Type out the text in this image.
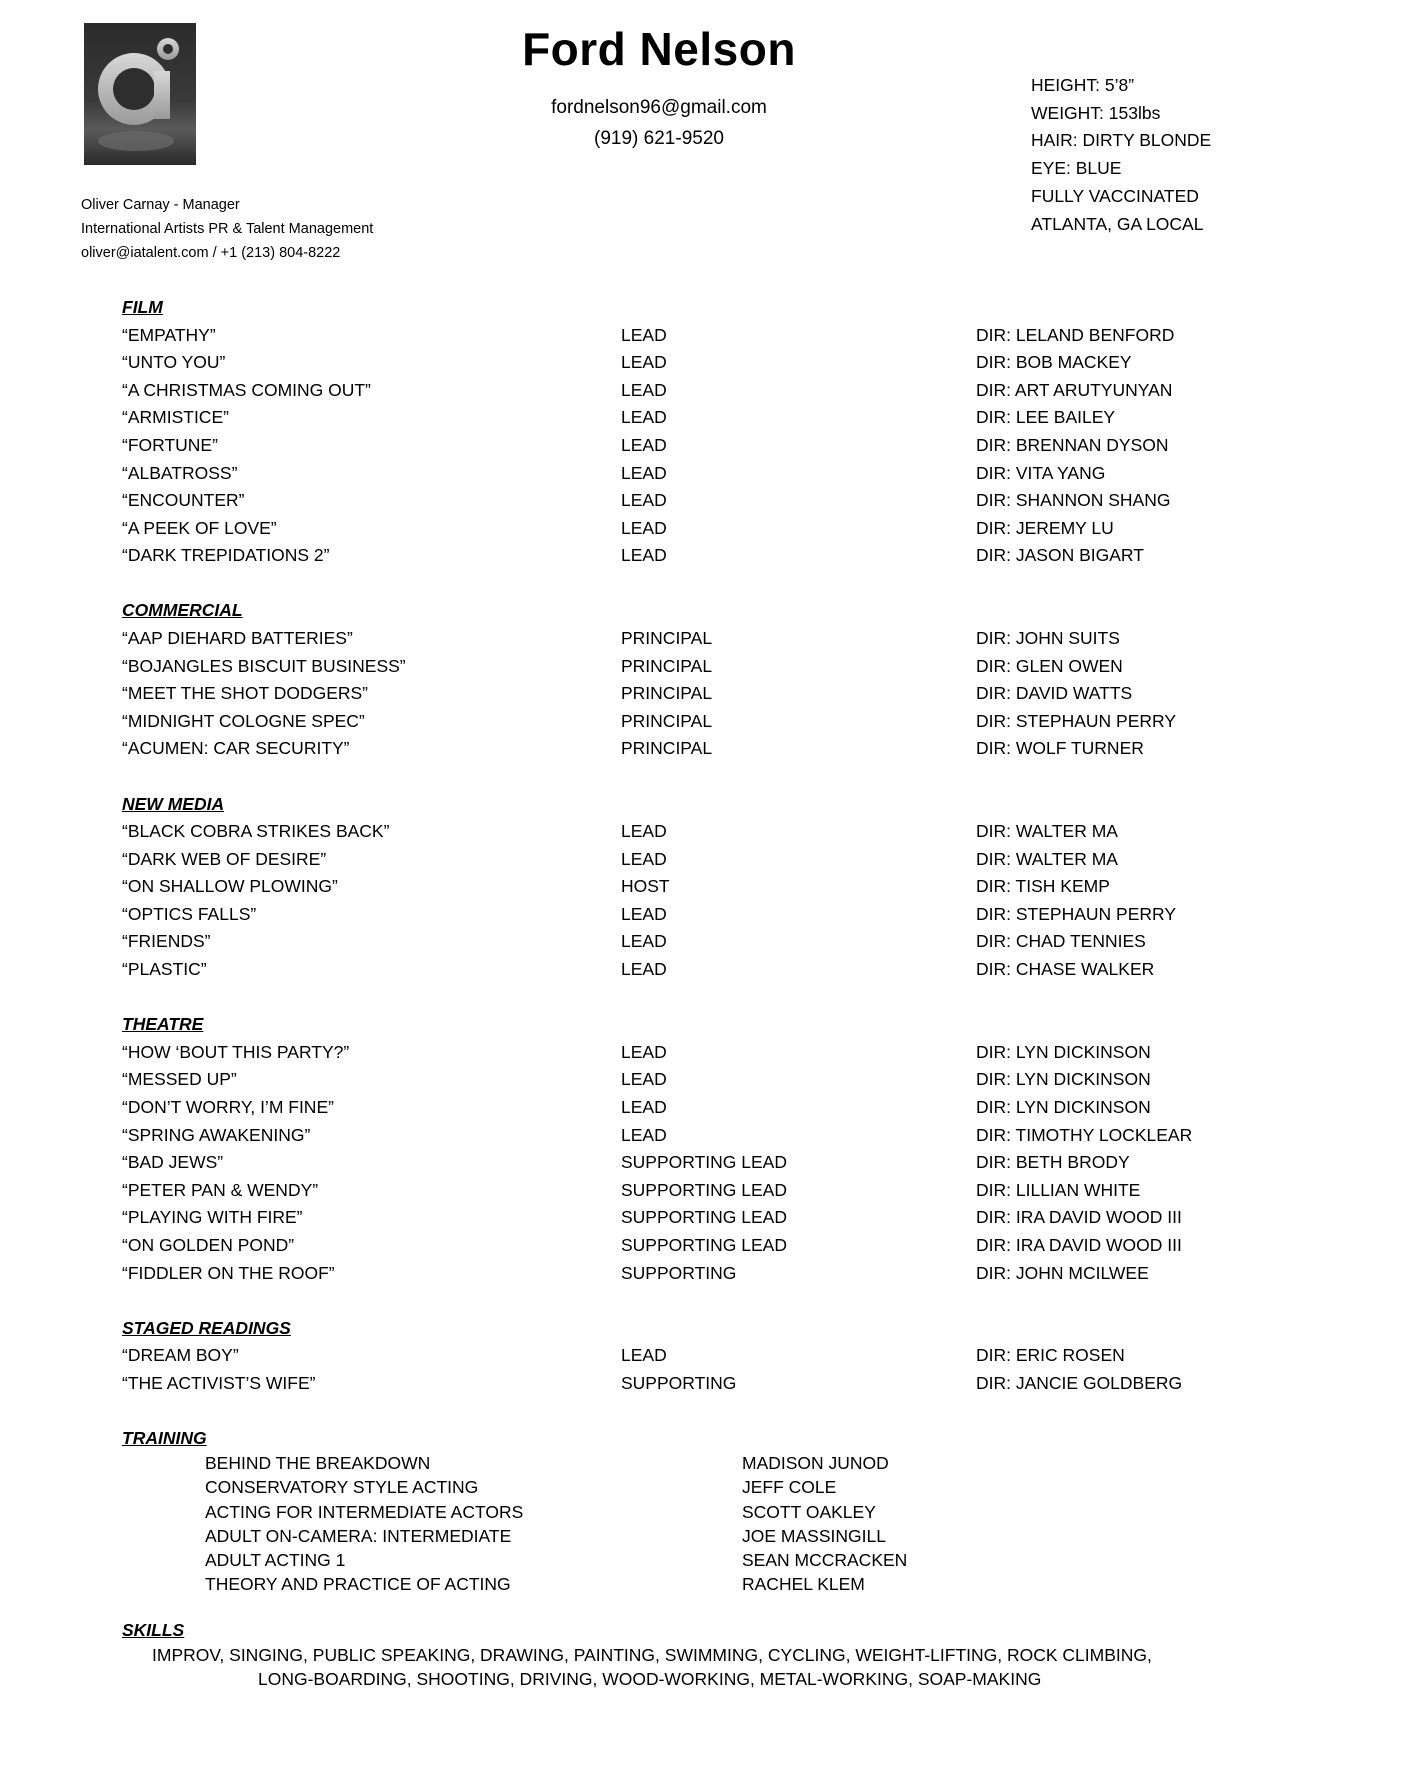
Oliver Carnay - Manager
International Artists PR & Talent Management
oliver@iatalent.com / +1 (213) 804-8222
Ford Nelson
fordnelson96@gmail.com
(919) 621-9520
HEIGHT: 5’8”
WEIGHT: 153lbs
HAIR: DIRTY BLONDE
EYE: BLUE
FULLY VACCINATED
ATLANTA, GA LOCAL
FILM
“EMPATHY”	LEAD	DIR: LELAND BENFORD
“UNTO YOU”	LEAD	DIR: BOB MACKEY
“A CHRISTMAS COMING OUT”	LEAD	DIR: ART ARUTYUNYAN
“ARMISTICE”	LEAD	DIR: LEE BAILEY
“FORTUNE”	LEAD	DIR: BRENNAN DYSON
“ALBATROSS”	LEAD	DIR: VITA YANG
“ENCOUNTER”	LEAD	DIR: SHANNON SHANG
“A PEEK OF LOVE”	LEAD	DIR: JEREMY LU
“DARK TREPIDATIONS 2”	LEAD	DIR: JASON BIGART
COMMERCIAL
“AAP DIEHARD BATTERIES”	PRINCIPAL	DIR: JOHN SUITS
“BOJANGLES BISCUIT BUSINESS”	PRINCIPAL	DIR: GLEN OWEN
“MEET THE SHOT DODGERS”	PRINCIPAL	DIR: DAVID WATTS
“MIDNIGHT COLOGNE SPEC”	PRINCIPAL	DIR: STEPHAUN PERRY
“ACUMEN: CAR SECURITY”	PRINCIPAL	DIR: WOLF TURNER
NEW MEDIA
“BLACK COBRA STRIKES BACK”	LEAD	DIR: WALTER MA
“DARK WEB OF DESIRE”	LEAD	DIR: WALTER MA
“ON SHALLOW PLOWING”	HOST	DIR: TISH KEMP
“OPTICS FALLS”	LEAD	DIR: STEPHAUN PERRY
“FRIENDS”	LEAD	DIR: CHAD TENNIES
“PLASTIC”	LEAD	DIR: CHASE WALKER
THEATRE
“HOW ‘BOUT THIS PARTY?”	LEAD	DIR: LYN DICKINSON
“MESSED UP”	LEAD	DIR: LYN DICKINSON
“DON’T WORRY, I’M FINE”	LEAD	DIR: LYN DICKINSON
“SPRING AWAKENING”	LEAD	DIR: TIMOTHY LOCKLEAR
“BAD JEWS”	SUPPORTING LEAD	DIR: BETH BRODY
“PETER PAN & WENDY”	SUPPORTING LEAD	DIR: LILLIAN WHITE
“PLAYING WITH FIRE”	SUPPORTING LEAD	DIR: IRA DAVID WOOD III
“ON GOLDEN POND”	SUPPORTING LEAD	DIR: IRA DAVID WOOD III
“FIDDLER ON THE ROOF”	SUPPORTING	DIR: JOHN MCILWEE
STAGED READINGS
“DREAM BOY”	LEAD	DIR: ERIC ROSEN
“THE ACTIVIST’S WIFE”	SUPPORTING	DIR: JANCIE GOLDBERG
TRAINING
BEHIND THE BREAKDOWN	MADISON JUNOD
CONSERVATORY STYLE ACTING	JEFF COLE
ACTING FOR INTERMEDIATE ACTORS	SCOTT OAKLEY
ADULT ON-CAMERA: INTERMEDIATE	JOE MASSINGILL
ADULT ACTING 1	SEAN MCCRACKEN
THEORY AND PRACTICE OF ACTING	RACHEL KLEM
SKILLS
IMPROV, SINGING, PUBLIC SPEAKING, DRAWING, PAINTING, SWIMMING, CYCLING, WEIGHT-LIFTING, ROCK CLIMBING,
LONG-BOARDING, SHOOTING, DRIVING, WOOD-WORKING, METAL-WORKING, SOAP-MAKING
